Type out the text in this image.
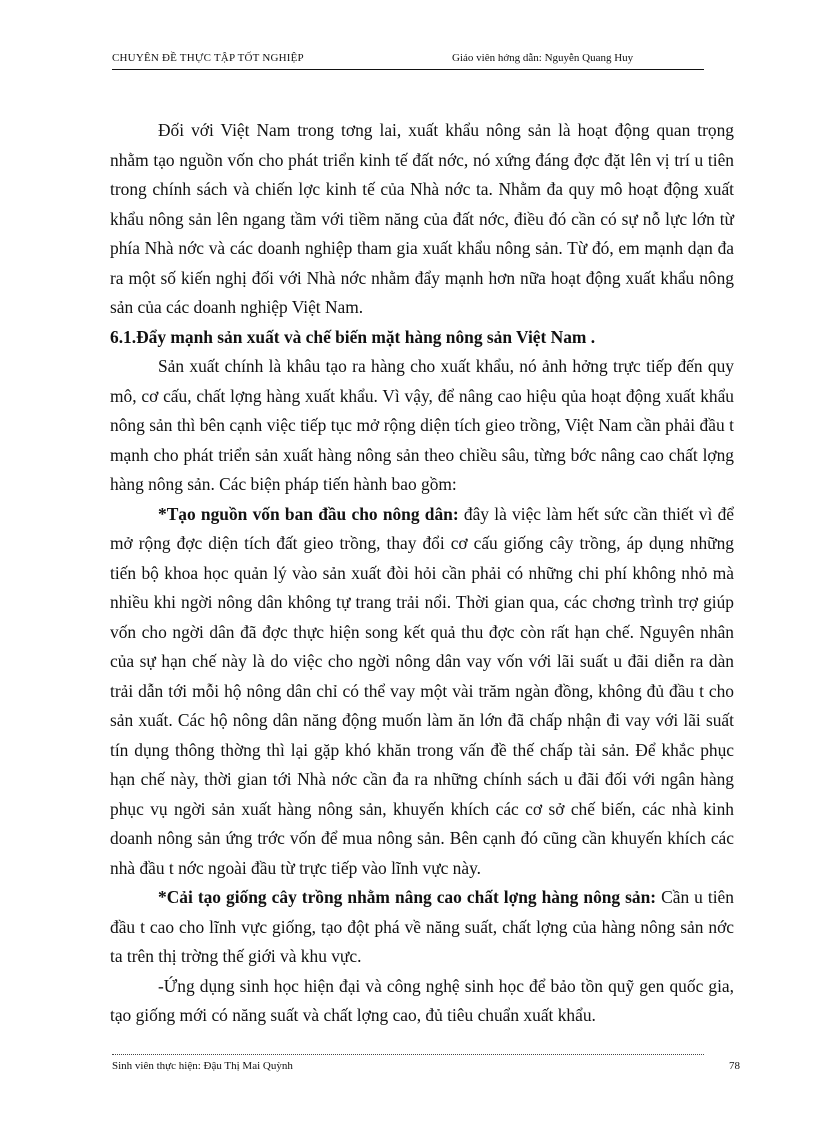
CHUYÊN ĐỀ THỰC TẬP TỐT NGHIỆP	Giáo viên hớng dẫn: Nguyễn Quang Huy

Đối với Việt Nam trong tơng lai, xuất khẩu nông sản là hoạt động quan trọng nhằm tạo nguồn vốn cho phát triển kinh tế đất nớc, nó xứng đáng đợc đặt lên vị trí u tiên trong chính sách và chiến lợc kinh tế của Nhà nớc ta. Nhằm đa quy mô hoạt động xuất khẩu nông sản lên ngang tầm với tiềm năng của đất nớc, điều đó cần có sự nỗ lực lớn từ phía Nhà nớc và các doanh nghiệp tham gia xuất khẩu nông sản. Từ đó, em mạnh dạn đa ra một số kiến nghị đối với Nhà nớc nhằm đẩy mạnh hơn nữa hoạt động xuất khẩu nông sản của các doanh nghiệp Việt Nam.

6.1.Đẩy mạnh sản xuất và chế biến mặt hàng nông sản Việt Nam .

Sản xuất chính là khâu tạo ra hàng cho xuất khẩu, nó ảnh hởng trực tiếp đến quy mô, cơ cấu, chất lợng hàng xuất khẩu. Vì vậy, để nâng cao hiệu qủa hoạt động xuất khẩu nông sản thì bên cạnh việc tiếp tục mở rộng diện tích gieo trồng, Việt Nam cần phải đầu t mạnh cho phát triển sản xuất hàng nông sản theo chiều sâu, từng bớc nâng cao chất lợng hàng nông sản. Các biện pháp tiến hành bao gồm:

*Tạo nguồn vốn ban đầu cho nông dân: đây là việc làm hết sức cần thiết vì để mở rộng đợc diện tích đất gieo trồng, thay đổi cơ cấu giống cây trồng, áp dụng những tiến bộ khoa học quản lý vào sản xuất đòi hỏi cần phải có những chi phí không nhỏ mà nhiều khi ngời nông dân không tự trang trải nổi. Thời gian qua, các chơng trình trợ giúp vốn cho ngời dân đã đợc thực hiện song kết quả thu đợc còn rất hạn chế. Nguyên nhân của sự hạn chế này là do việc cho ngời nông dân vay vốn với lãi suất u đãi diễn ra dàn trải dẫn tới mỗi hộ nông dân chỉ có thể vay một vài trăm ngàn đồng, không đủ đầu t cho sản xuất. Các hộ nông dân năng động muốn làm ăn lớn đã chấp nhận đi vay với lãi suất tín dụng thông thờng thì lại gặp khó khăn trong vấn đề thế chấp tài sản. Để khắc phục hạn chế này, thời gian tới Nhà nớc cần đa ra những chính sách u đãi đối với ngân hàng phục vụ ngời sản xuất hàng nông sản, khuyến khích các cơ sở chế biến, các nhà kinh doanh nông sản ứng trớc vốn để mua nông sản. Bên cạnh đó cũng cần khuyến khích các nhà đầu t nớc ngoài đầu từ trực tiếp vào lĩnh vực này.

*Cải tạo giống cây trồng nhằm nâng cao chất lợng hàng nông sản: Cần u tiên đầu t cao cho lĩnh vực giống, tạo đột phá về năng suất, chất lợng của hàng nông sản nớc ta trên thị trờng thế giới và khu vực.

-Ứng dụng sinh học hiện đại và công nghệ sinh học để bảo tồn quỹ gen quốc gia, tạo giống mới có năng suất và chất lợng cao, đủ tiêu chuẩn xuất khẩu.

Sinh viên thực hiện: Đậu Thị Mai Quỳnh	78
